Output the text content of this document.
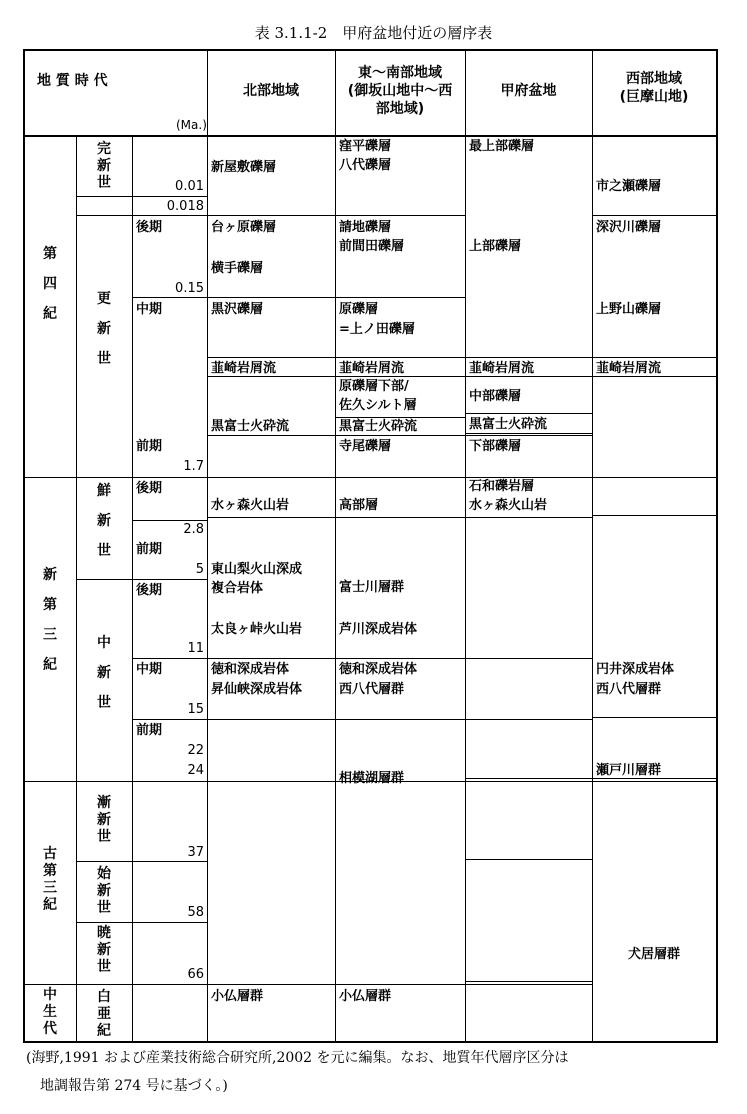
表 3.1.1-2　甲府盆地付近の層序表
地 質 時 代
(Ma.)
北部地域
東～南部地域
(御坂山地中～西
部地域)
甲府盆地
西部地域
(巨摩山地)
第
四
紀
新
第
三
紀
古
第
三
紀
中
生
代
完
新
世
更
新
世
鮮
新
世
中
新
世
漸
新
世
始
新
世
暁
新
世
白
亜
紀
後期
中期
前期
後期
前期
後期
中期
前期
0.01
0.018
0.15
1.7
2.8
5
11
15
22
24
37
58
66
新屋敷礫層
台ヶ原礫層
横手礫層
黒沢礫層
韮崎岩屑流
黒富士火砕流
水ヶ森火山岩
東山梨火山深成
複合岩体
太良ヶ峠火山岩
徳和深成岩体
昇仙峡深成岩体
小仏層群
窪平礫層
八代礫層
請地礫層
前間田礫層
原礫層
=上ノ田礫層
韮崎岩屑流
原礫層下部/
佐久シルト層
黒富士火砕流
寺尾礫層
高部層
富士川層群
芦川深成岩体
徳和深成岩体
西八代層群
相模湖層群
小仏層群
最上部礫層
上部礫層
韮崎岩屑流
中部礫層
黒富士火砕流
下部礫層
石和礫岩層
水ヶ森火山岩
市之瀬礫層
深沢川礫層
上野山礫層
韮崎岩屑流
円井深成岩体
西八代層群
瀬戸川層群
犬居層群
(海野,1991 および産業技術総合研究所,2002 を元に編集。なお、地質年代層序区分は
地調報告第 274 号に基づく。)
